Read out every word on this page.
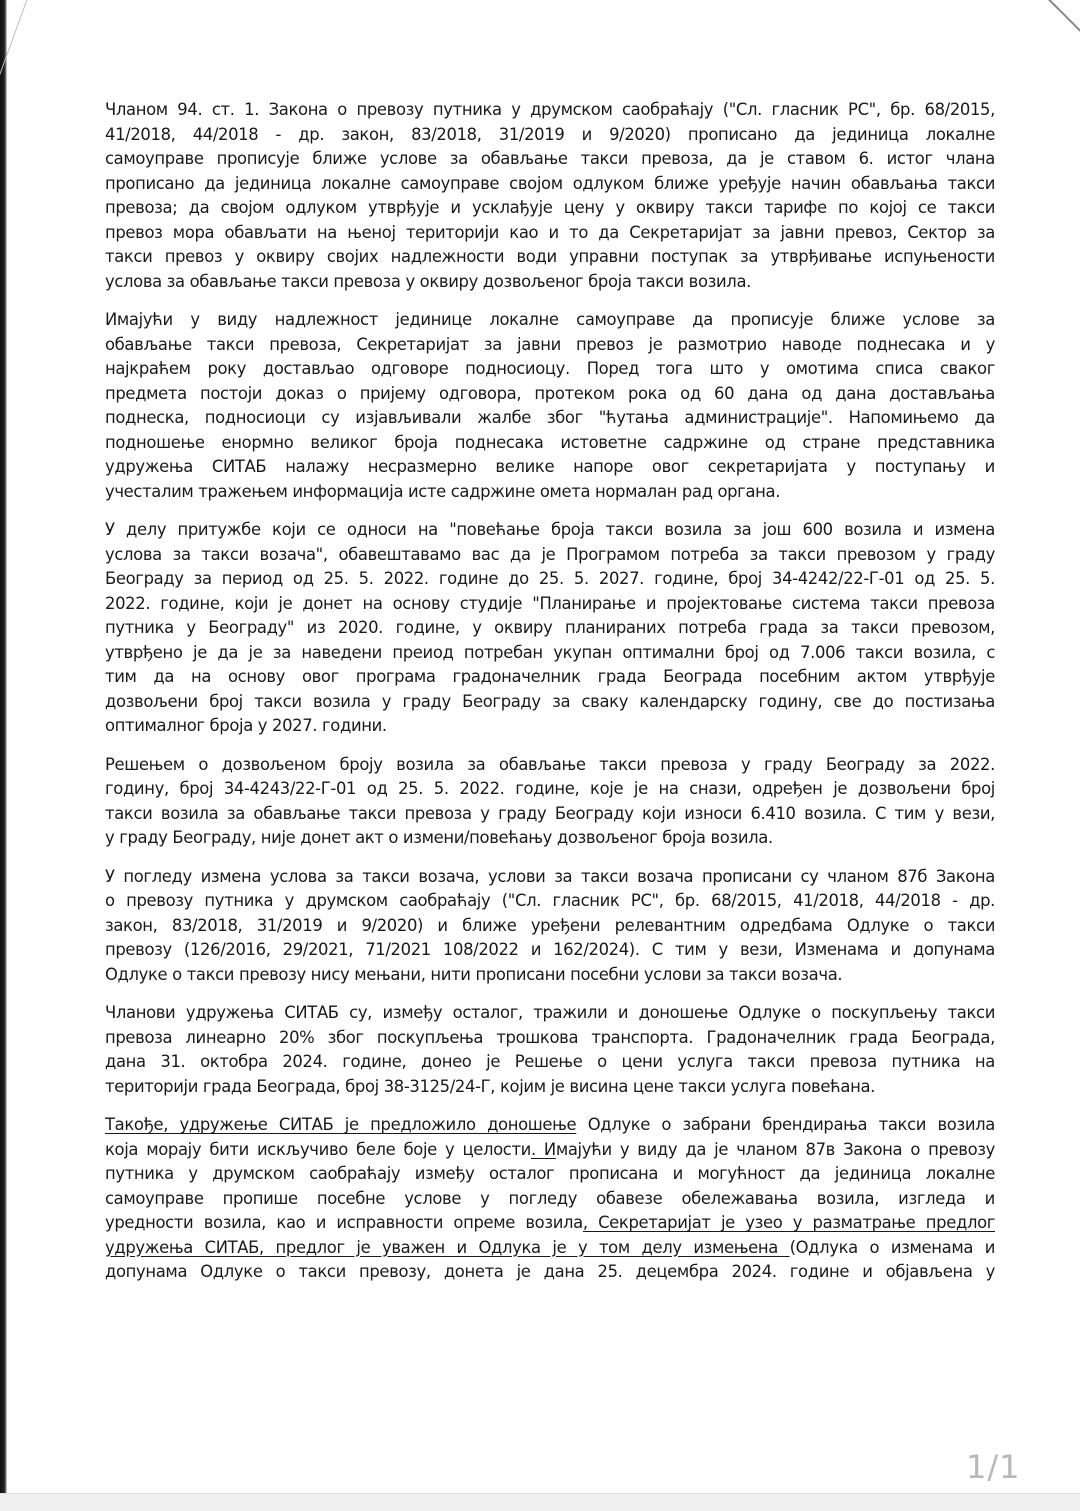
Чланом 94. ст. 1. Закона о превозу путника у друмском саобраћају ("Сл. гласник РС", бр. 68/2015,
41/2018, 44/2018 - др. закон, 83/2018, 31/2019 и 9/2020) прописано да јединица локалне
самоуправе прописује ближе услове за обављање такси превоза, да је ставом 6. истог члана
прописано да јединица локалне самоуправе својом одлуком ближе уређује начин обављања такси
превоза; да својом одлуком утврђује и усклађује цену у оквиру такси тарифе по којој се такси
превоз мора обављати на њеној територији као и то да Секретаријат за јавни превоз, Сектор за
такси превоз у оквиру својих надлежности води управни поступак за утврђивање испуњености
услова за обављање такси превоза у оквиру дозвољеног броја такси возила.
Имајући у виду надлежност јединице локалне самоуправе да прописује ближе услове за
обављање такси превоза, Секретаријат за јавни превоз је размотрио наводе поднесака и у
најкраћем року достављао одговоре подносиоцу. Поред тога што у омотима списа сваког
предмета постоји доказ о пријему одговора, протеком рока од 60 дана од дана достављања
поднеска, подносиоци су изјављивали жалбе због "ћутања администрације". Напомињемо да
подношење енормно великог броја поднесака истоветне садржине од стране представника
удружења СИТАБ налажу несразмерно велике напоре овог секретаријата у поступању и
учесталим тражењем информација исте садржине омета нормалан рад органа.
У делу притужбе који се односи на "повећање броја такси возила за још 600 возила и измена
услова за такси возача", обавештавамо вас да је Програмом потреба за такси превозом у граду
Београду за период од 25. 5. 2022. године до 25. 5. 2027. године, број 34-4242/22-Г-01 од 25. 5.
2022. године, који је донет на основу студије "Планирање и пројектовање система такси превоза
путника у Београду" из 2020. године, у оквиру планираних потреба града за такси превозом,
утврђено је да је за наведени преиод потребан укупан оптимални број од 7.006 такси возила, с
тим да на основу овог програма градоначелник града Београда посебним актом утврђује
дозвољени број такси возила у граду Београду за сваку календарску годину, све до постизања
оптималног броја у 2027. години.
Решењем о дозвољеном броју возила за обављање такси превоза у граду Београду за 2022.
годину, број 34-4243/22-Г-01 од 25. 5. 2022. године, које је на снази, одређен је дозвољени број
такси возила за обављање такси превоза у граду Београду који износи 6.410 возила. С тим у вези,
у граду Београду, није донет акт о измени/повећању дозвољеног броја возила.
У погледу измена услова за такси возача, услови за такси возача прописани су чланом 87б Закона
о превозу путника у друмском саобраћају ("Сл. гласник РС", бр. 68/2015, 41/2018, 44/2018 - др.
закон, 83/2018, 31/2019 и 9/2020) и ближе уређени релевантним одредбама Одлуке о такси
превозу (126/2016, 29/2021, 71/2021 108/2022 и 162/2024). С тим у вези, Изменама и допунама
Одлуке о такси превозу нису мењани, нити прописани посебни услови за такси возача.
Чланови удружења СИТАБ су, између осталог, тражили и доношење Одлуке о поскупљењу такси
превоза линеарно 20% због поскупљења трошкова транспорта. Градоначелник града Београда,
дана 31. октобра 2024. године, донео је Решење о цени услуга такси превоза путника на
територији града Београда, број 38-3125/24-Г, којим је висина цене такси услуга повећана.
Такође, удружење СИТАБ је предложило доношење Одлуке о забрани брендирања такси возила
која морају бити искључиво беле боје у целости. Имајући у виду да је чланом 87в Закона о превозу
путника у друмском саобраћају између осталог прописана и могућност да јединица локалне
самоуправе пропише посебне услове у погледу обавезе обележавања возила, изгледа и
уредности возила, као и исправности опреме возила, Секретаријат је узео у разматрање предлог
удружења СИТАБ, предлог је уважен и Одлука је у том делу измењена (Одлука о изменама и
допунама Одлуке о такси превозу, донета је дана 25. децембра 2024. године и објављена у
1/1
